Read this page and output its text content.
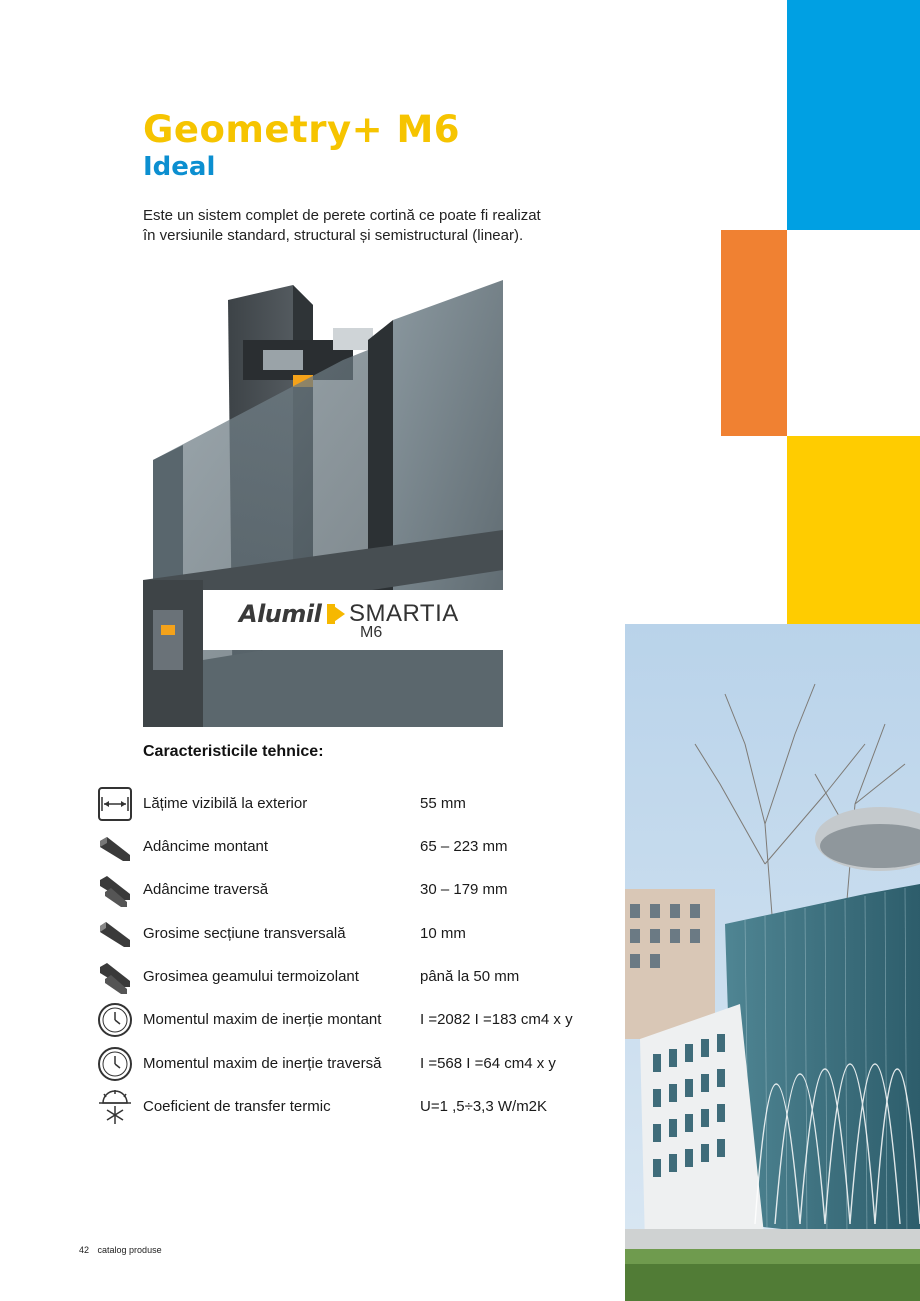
Geometry+ M6
Ideal
Este un sistem complet de perete cortină ce poate fi realizat
în versiunile standard, structural și semistructural (linear).
Alumil SMARTIA
M6
Caracteristicile tehnice:
Lățime vizibilă la exterior	55 mm
Adâncime montant	65 – 223 mm
Adâncime traversă	30 – 179 mm
Grosime secțiune transversală	10 mm
Grosimea geamului termoizolant	până la 50 mm
Momentul maxim de inerție montant	I =2082 I =183 cm4 x y
Momentul maxim de inerție traversă	I =568 I =64 cm4 x y
Coeficient de transfer termic	U=1 ,5÷3,3 W/m2K
42 catalog produse
